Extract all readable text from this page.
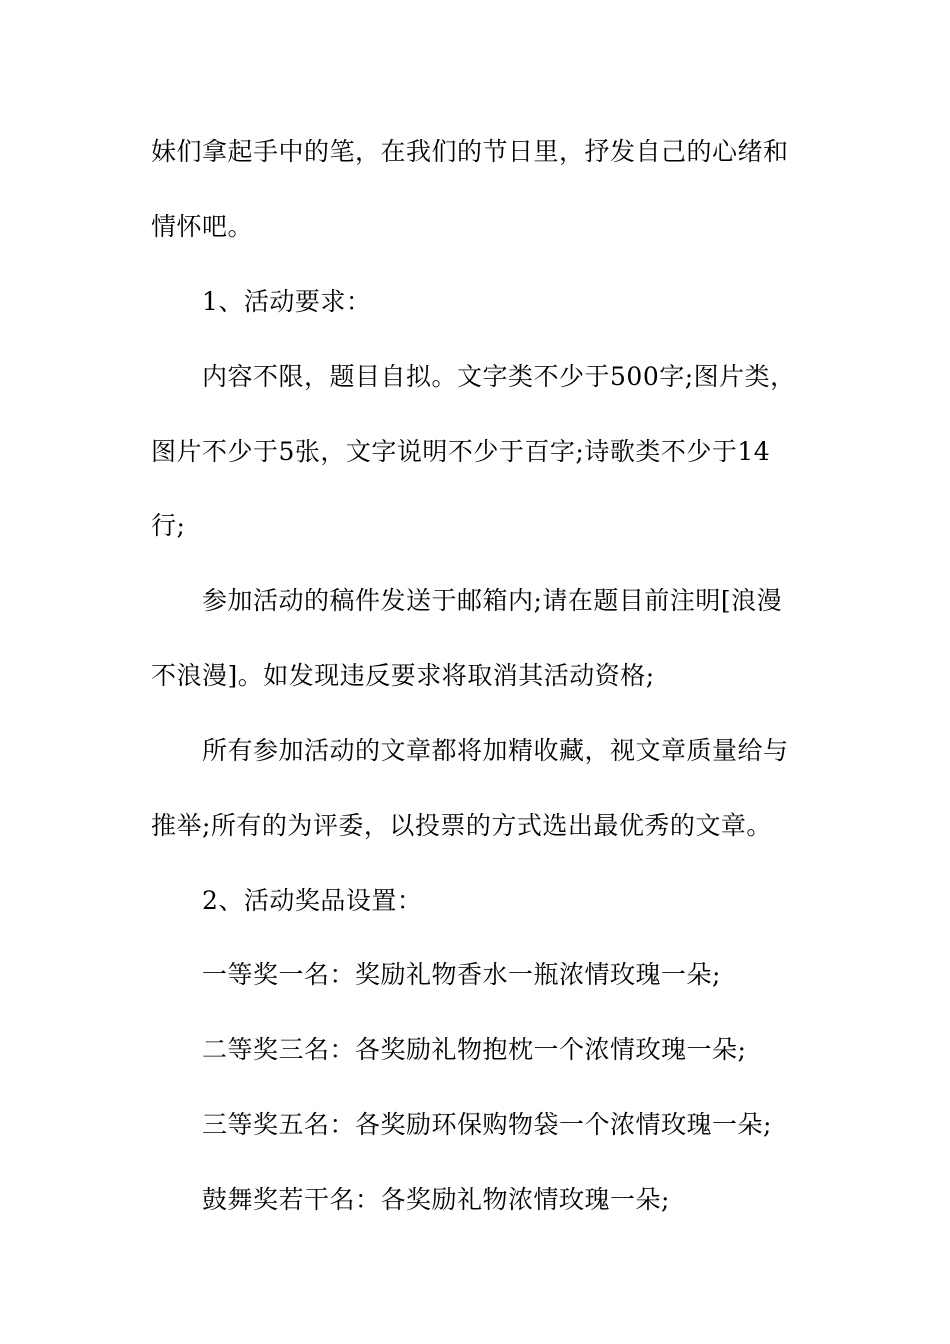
妹们拿起手中的笔，在我们的节日里，抒发自己的心绪和
情怀吧。
1、活动要求：
内容不限，题目自拟。文字类不少于500字;图片类，
图片不少于5张，文字说明不少于百字;诗歌类不少于14
行;
参加活动的稿件发送于邮箱内;请在题目前注明[浪漫
不浪漫]。如发现违反要求将取消其活动资格;
所有参加活动的文章都将加精收藏，视文章质量给与
推举;所有的为评委，以投票的方式选出最优秀的文章。
2、活动奖品设置：
一等奖一名：奖励礼物香水一瓶浓情玫瑰一朵;
二等奖三名：各奖励礼物抱枕一个浓情玫瑰一朵;
三等奖五名：各奖励环保购物袋一个浓情玫瑰一朵;
鼓舞奖若干名：各奖励礼物浓情玫瑰一朵;
